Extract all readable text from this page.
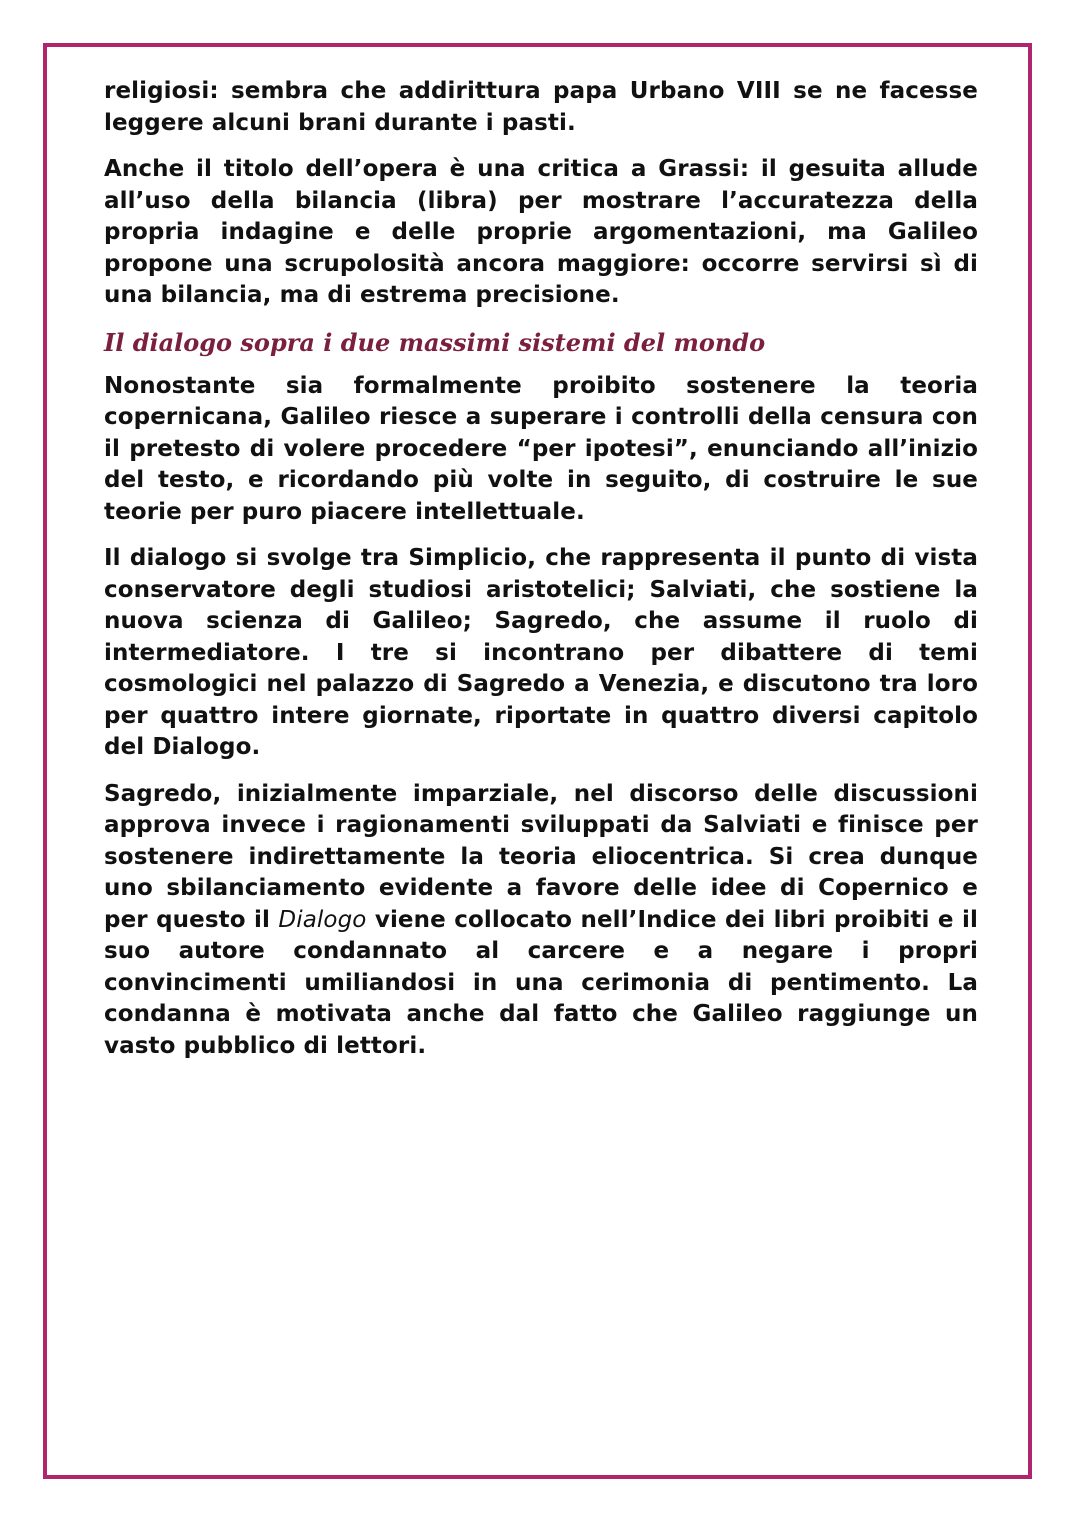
religiosi: sembra che addirittura papa Urbano VIII se ne facesse leggere alcuni brani durante i pasti.

Anche il titolo dell’opera è una critica a Grassi: il gesuita allude all’uso della bilancia (libra) per mostrare l’accuratezza della propria indagine e delle proprie argomentazioni, ma Galileo propone una scrupolosità ancora maggiore: occorre servirsi sì di una bilancia, ma di estrema precisione.

Il dialogo sopra i due massimi sistemi del mondo

Nonostante sia formalmente proibito sostenere la teoria copernicana, Galileo riesce a superare i controlli della censura con il pretesto di volere procedere “per ipotesi”, enunciando all’inizio del testo, e ricordando più volte in seguito, di costruire le sue teorie per puro piacere intellettuale.

Il dialogo si svolge tra Simplicio, che rappresenta il punto di vista conservatore degli studiosi aristotelici; Salviati, che sostiene la nuova scienza di Galileo; Sagredo, che assume il ruolo di intermediatore. I tre si incontrano per dibattere di temi cosmologici nel palazzo di Sagredo a Venezia, e discutono tra loro per quattro intere giornate, riportate in quattro diversi capitolo del Dialogo.

Sagredo, inizialmente imparziale, nel discorso delle discussioni approva invece i ragionamenti sviluppati da Salviati e finisce per sostenere indirettamente la teoria eliocentrica. Si crea dunque uno sbilanciamento evidente a favore delle idee di Copernico e per questo il Dialogo viene collocato nell’Indice dei libri proibiti e il suo autore condannato al carcere e a negare i propri convincimenti umiliandosi in una cerimonia di pentimento. La condanna è motivata anche dal fatto che Galileo raggiunge un vasto pubblico di lettori.
